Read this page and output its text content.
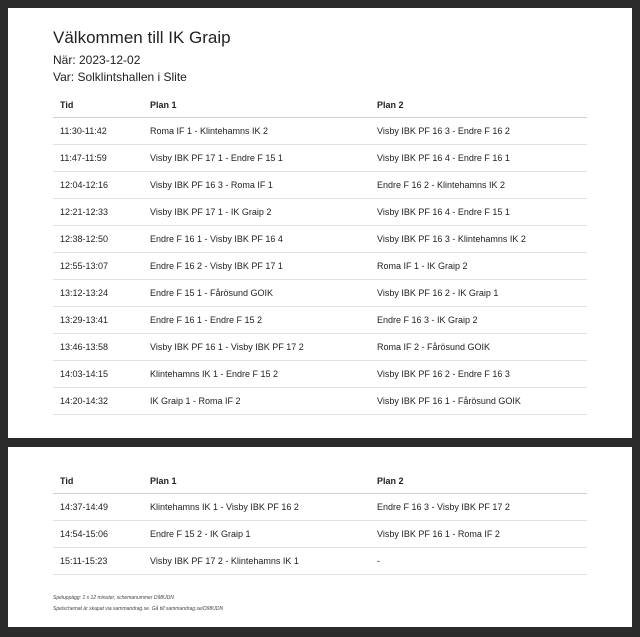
Välkommen till IK Graip
När: 2023-12-02
Var: Solklintshallen i Slite
Tid	Plan 1	Plan 2
11:30-11:42	Roma IF 1 - Klintehamns IK 2	Visby IBK PF 16 3 - Endre F 16 2
11:47-11:59	Visby IBK PF 17 1 - Endre F 15 1	Visby IBK PF 16 4 - Endre F 16 1
12:04-12:16	Visby IBK PF 16 3 - Roma IF 1	Endre F 16 2 - Klintehamns IK 2
12:21-12:33	Visby IBK PF 17 1 - IK Graip 2	Visby IBK PF 16 4 - Endre F 15 1
12:38-12:50	Endre F 16 1 - Visby IBK PF 16 4	Visby IBK PF 16 3 - Klintehamns IK 2
12:55-13:07	Endre F 16 2 - Visby IBK PF 17 1	Roma IF 1 - IK Graip 2
13:12-13:24	Endre F 15 1 - Fårösund GOIK	Visby IBK PF 16 2 - IK Graip 1
13:29-13:41	Endre F 16 1 - Endre F 15 2	Endre F 16 3 - IK Graip 2
13:46-13:58	Visby IBK PF 16 1 - Visby IBK PF 17 2	Roma IF 2 - Fårösund GOIK
14:03-14:15	Klintehamns IK 1 - Endre F 15 2	Visby IBK PF 16 2 - Endre F 16 3
14:20-14:32	IK Graip 1 - Roma IF 2	Visby IBK PF 16 1 - Fårösund GOIK
Tid	Plan 1	Plan 2
14:37-14:49	Klintehamns IK 1 - Visby IBK PF 16 2	Endre F 16 3 - Visby IBK PF 17 2
14:54-15:06	Endre F 15 2 - IK Graip 1	Visby IBK PF 16 1 - Roma IF 2
15:11-15:23	Visby IBK PF 17 2 - Klintehamns IK 1	-
Speluppägg: 1 x 12 minuter, schemanummer D98UDN
Spelschemat är skapat via sammandrag.se. Gå till sammandrag.se/D98UDN
